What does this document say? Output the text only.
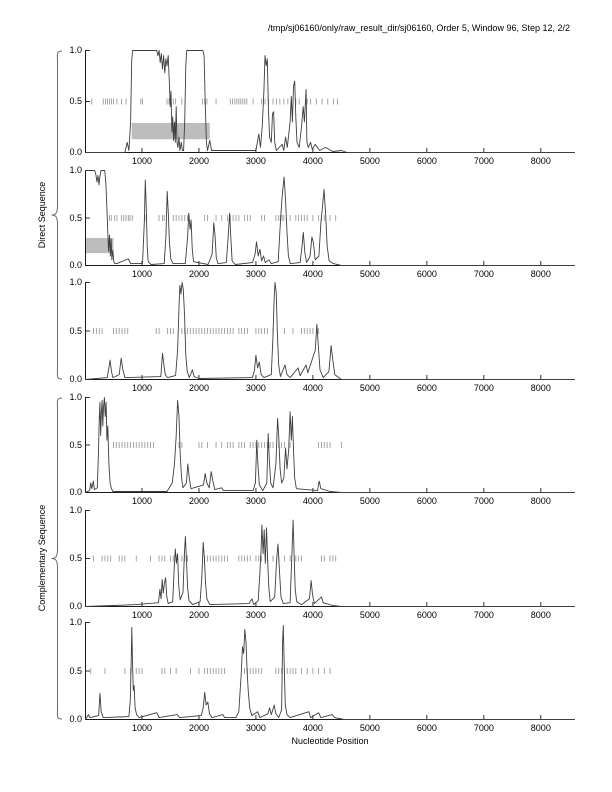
/tmp/sj06160/only/raw_result_dir/sj06160, Order 5, Window 96, Step 12, 2/2
Direct Sequence
Complementary Sequence
Nucleotide Position
1.0
0.5
0.0
1000	2000	3000	4000	5000	6000	7000	8000
1.0
0.5
0.0
1000	2000	3000	4000	5000	6000	7000	8000
1.0
0.5
0.0
1000	2000	3000	4000	5000	6000	7000	8000
1.0
0.5
0.0
1000	2000	3000	4000	5000	6000	7000	8000
1.0
0.5
0.0
1000	2000	3000	4000	5000	6000	7000	8000
1.0
0.5
0.0
1000	2000	3000	4000	5000	6000	7000	8000
